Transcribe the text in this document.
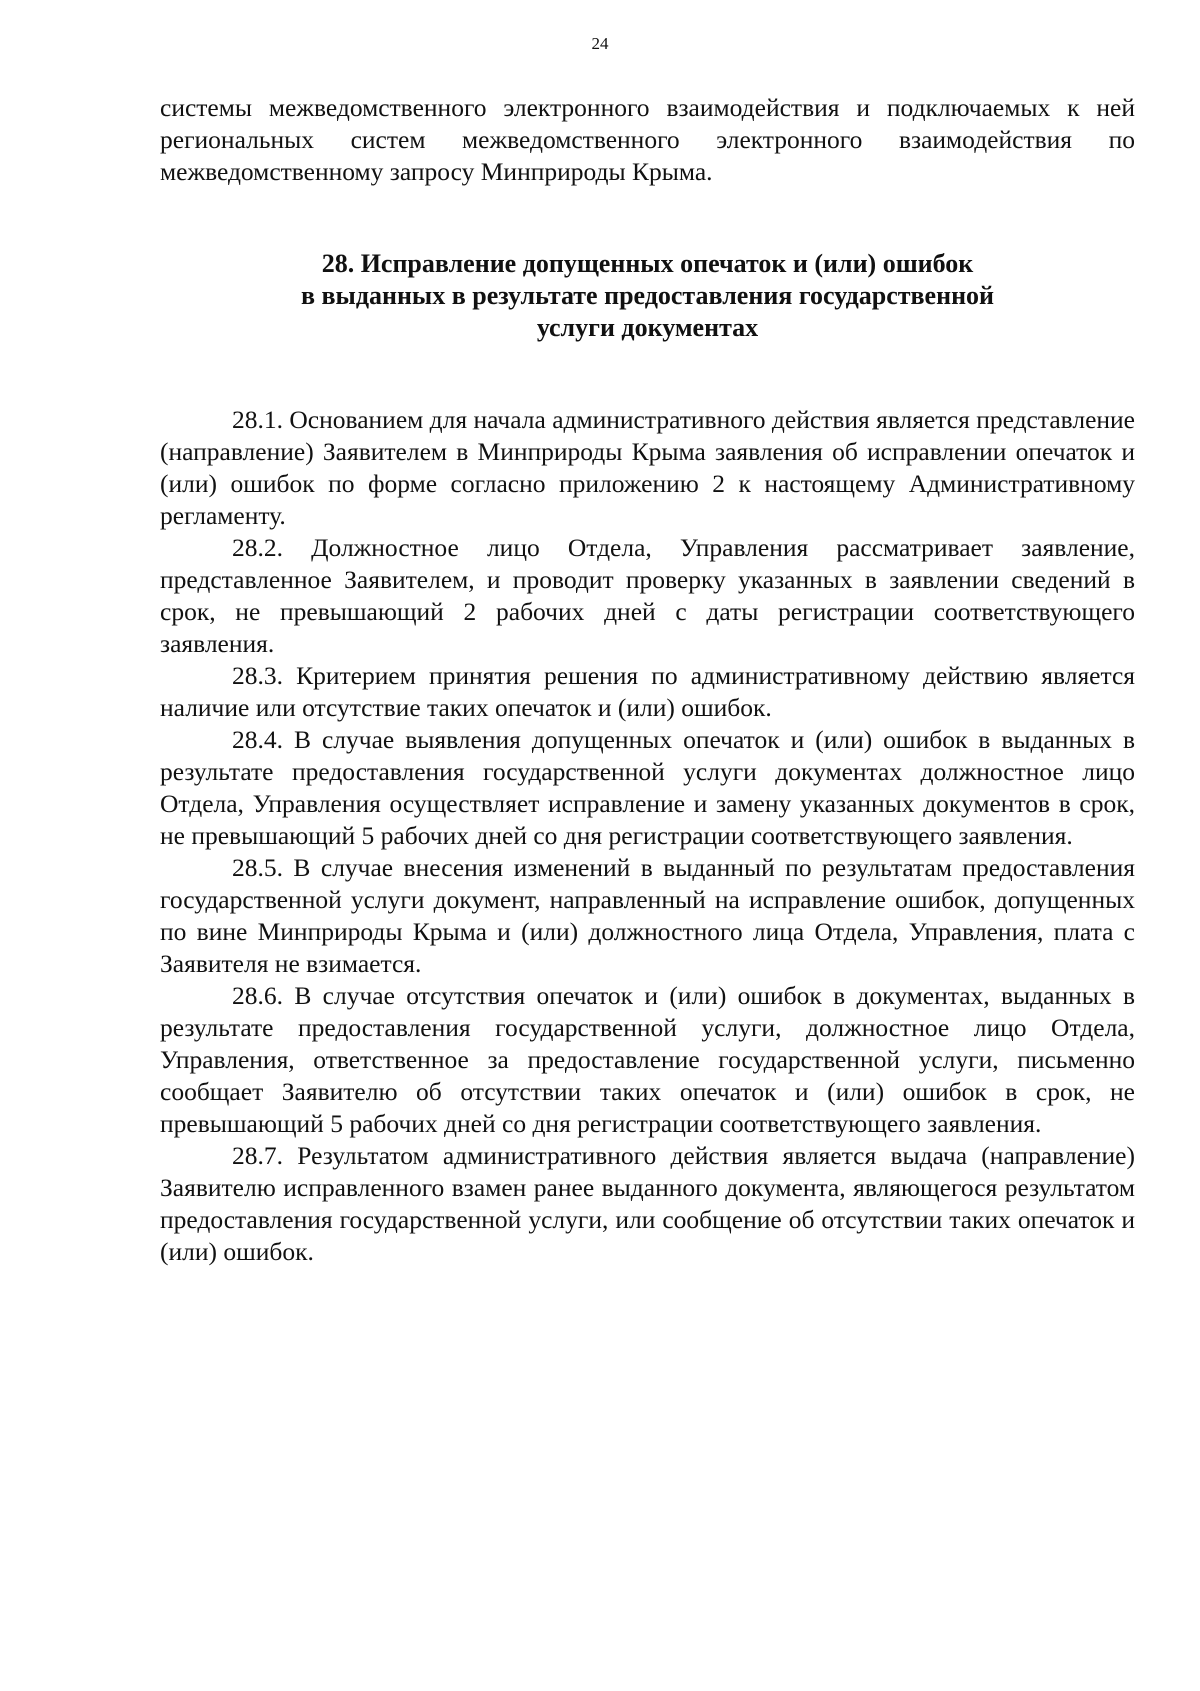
24

системы межведомственного электронного взаимодействия и подключаемых к ней региональных систем межведомственного электронного взаимодействия по межведомственному запросу Минприроды Крыма.

28. Исправление допущенных опечаток и (или) ошибок
в выданных в результате предоставления государственной
услуги документах

28.1. Основанием для начала административного действия является представление (направление) Заявителем в Минприроды Крыма заявления об исправлении опечаток и (или) ошибок по форме согласно приложению 2 к настоящему Административному регламенту.

28.2. Должностное лицо Отдела, Управления рассматривает заявление, представленное Заявителем, и проводит проверку указанных в заявлении сведений в срок, не превышающий 2 рабочих дней с даты регистрации соответствующего заявления.

28.3. Критерием принятия решения по административному действию является наличие или отсутствие таких опечаток и (или) ошибок.

28.4. В случае выявления допущенных опечаток и (или) ошибок в выданных в результате предоставления государственной услуги документах должностное лицо Отдела, Управления осуществляет исправление и замену указанных документов в срок, не превышающий 5 рабочих дней со дня регистрации соответствующего заявления.

28.5. В случае внесения изменений в выданный по результатам предоставления государственной услуги документ, направленный на исправление ошибок, допущенных по вине Минприроды Крыма и (или) должностного лица Отдела, Управления, плата с Заявителя не взимается.

28.6. В случае отсутствия опечаток и (или) ошибок в документах, выданных в результате предоставления государственной услуги, должностное лицо Отдела, Управления, ответственное за предоставление государственной услуги, письменно сообщает Заявителю об отсутствии таких опечаток и (или) ошибок в срок, не превышающий 5 рабочих дней со дня регистрации соответствующего заявления.

28.7. Результатом административного действия является выдача (направление) Заявителю исправленного взамен ранее выданного документа, являющегося результатом предоставления государственной услуги, или сообщение об отсутствии таких опечаток и (или) ошибок.
